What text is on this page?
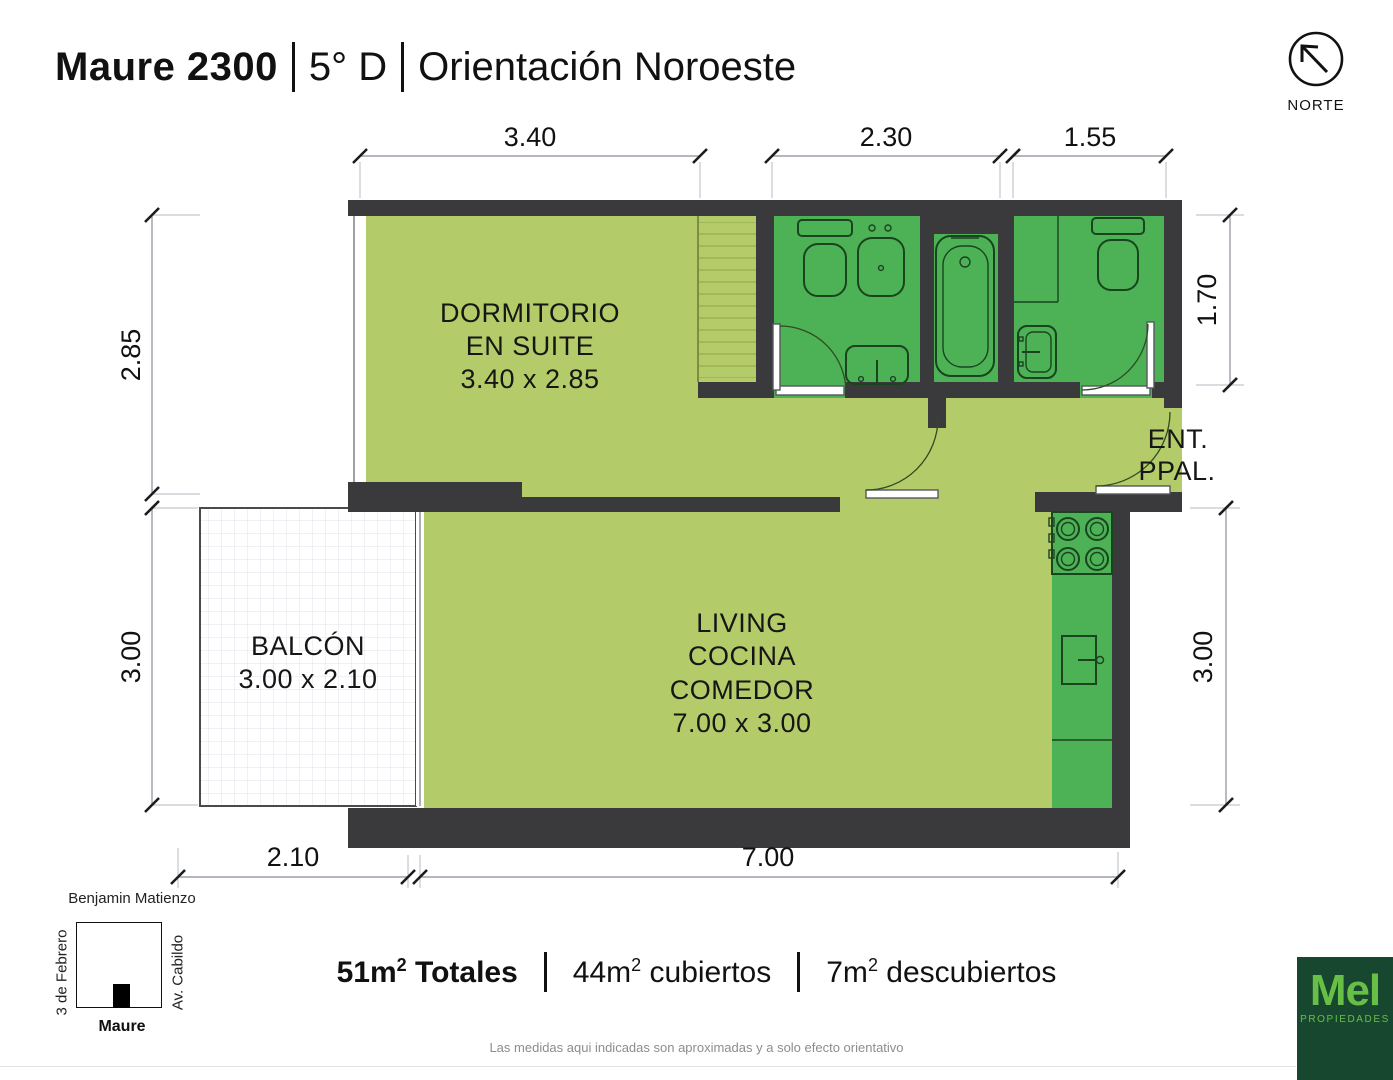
Maure 2300 5° D Orientación Noroeste
NORTE
3.40	2.30	1.55
2.85
3.00
1.70
3.00
2.10	7.00
DORMITORIO
EN SUITE
3.40 x 2.85
LIVING
COCINA
COMEDOR
7.00 x 3.00
BALCÓN
3.00 x 2.10
ENT.
PPAL.
Benjamin Matienzo
3 de Febrero	Av. Cabildo
Maure
$51m^2$ Totales $44m^2$ cubiertos $7m^2$ descubiertos
Las medidas aqui indicadas son aproximadas y a solo efecto orientativo
Mel
PROPIEDADES
